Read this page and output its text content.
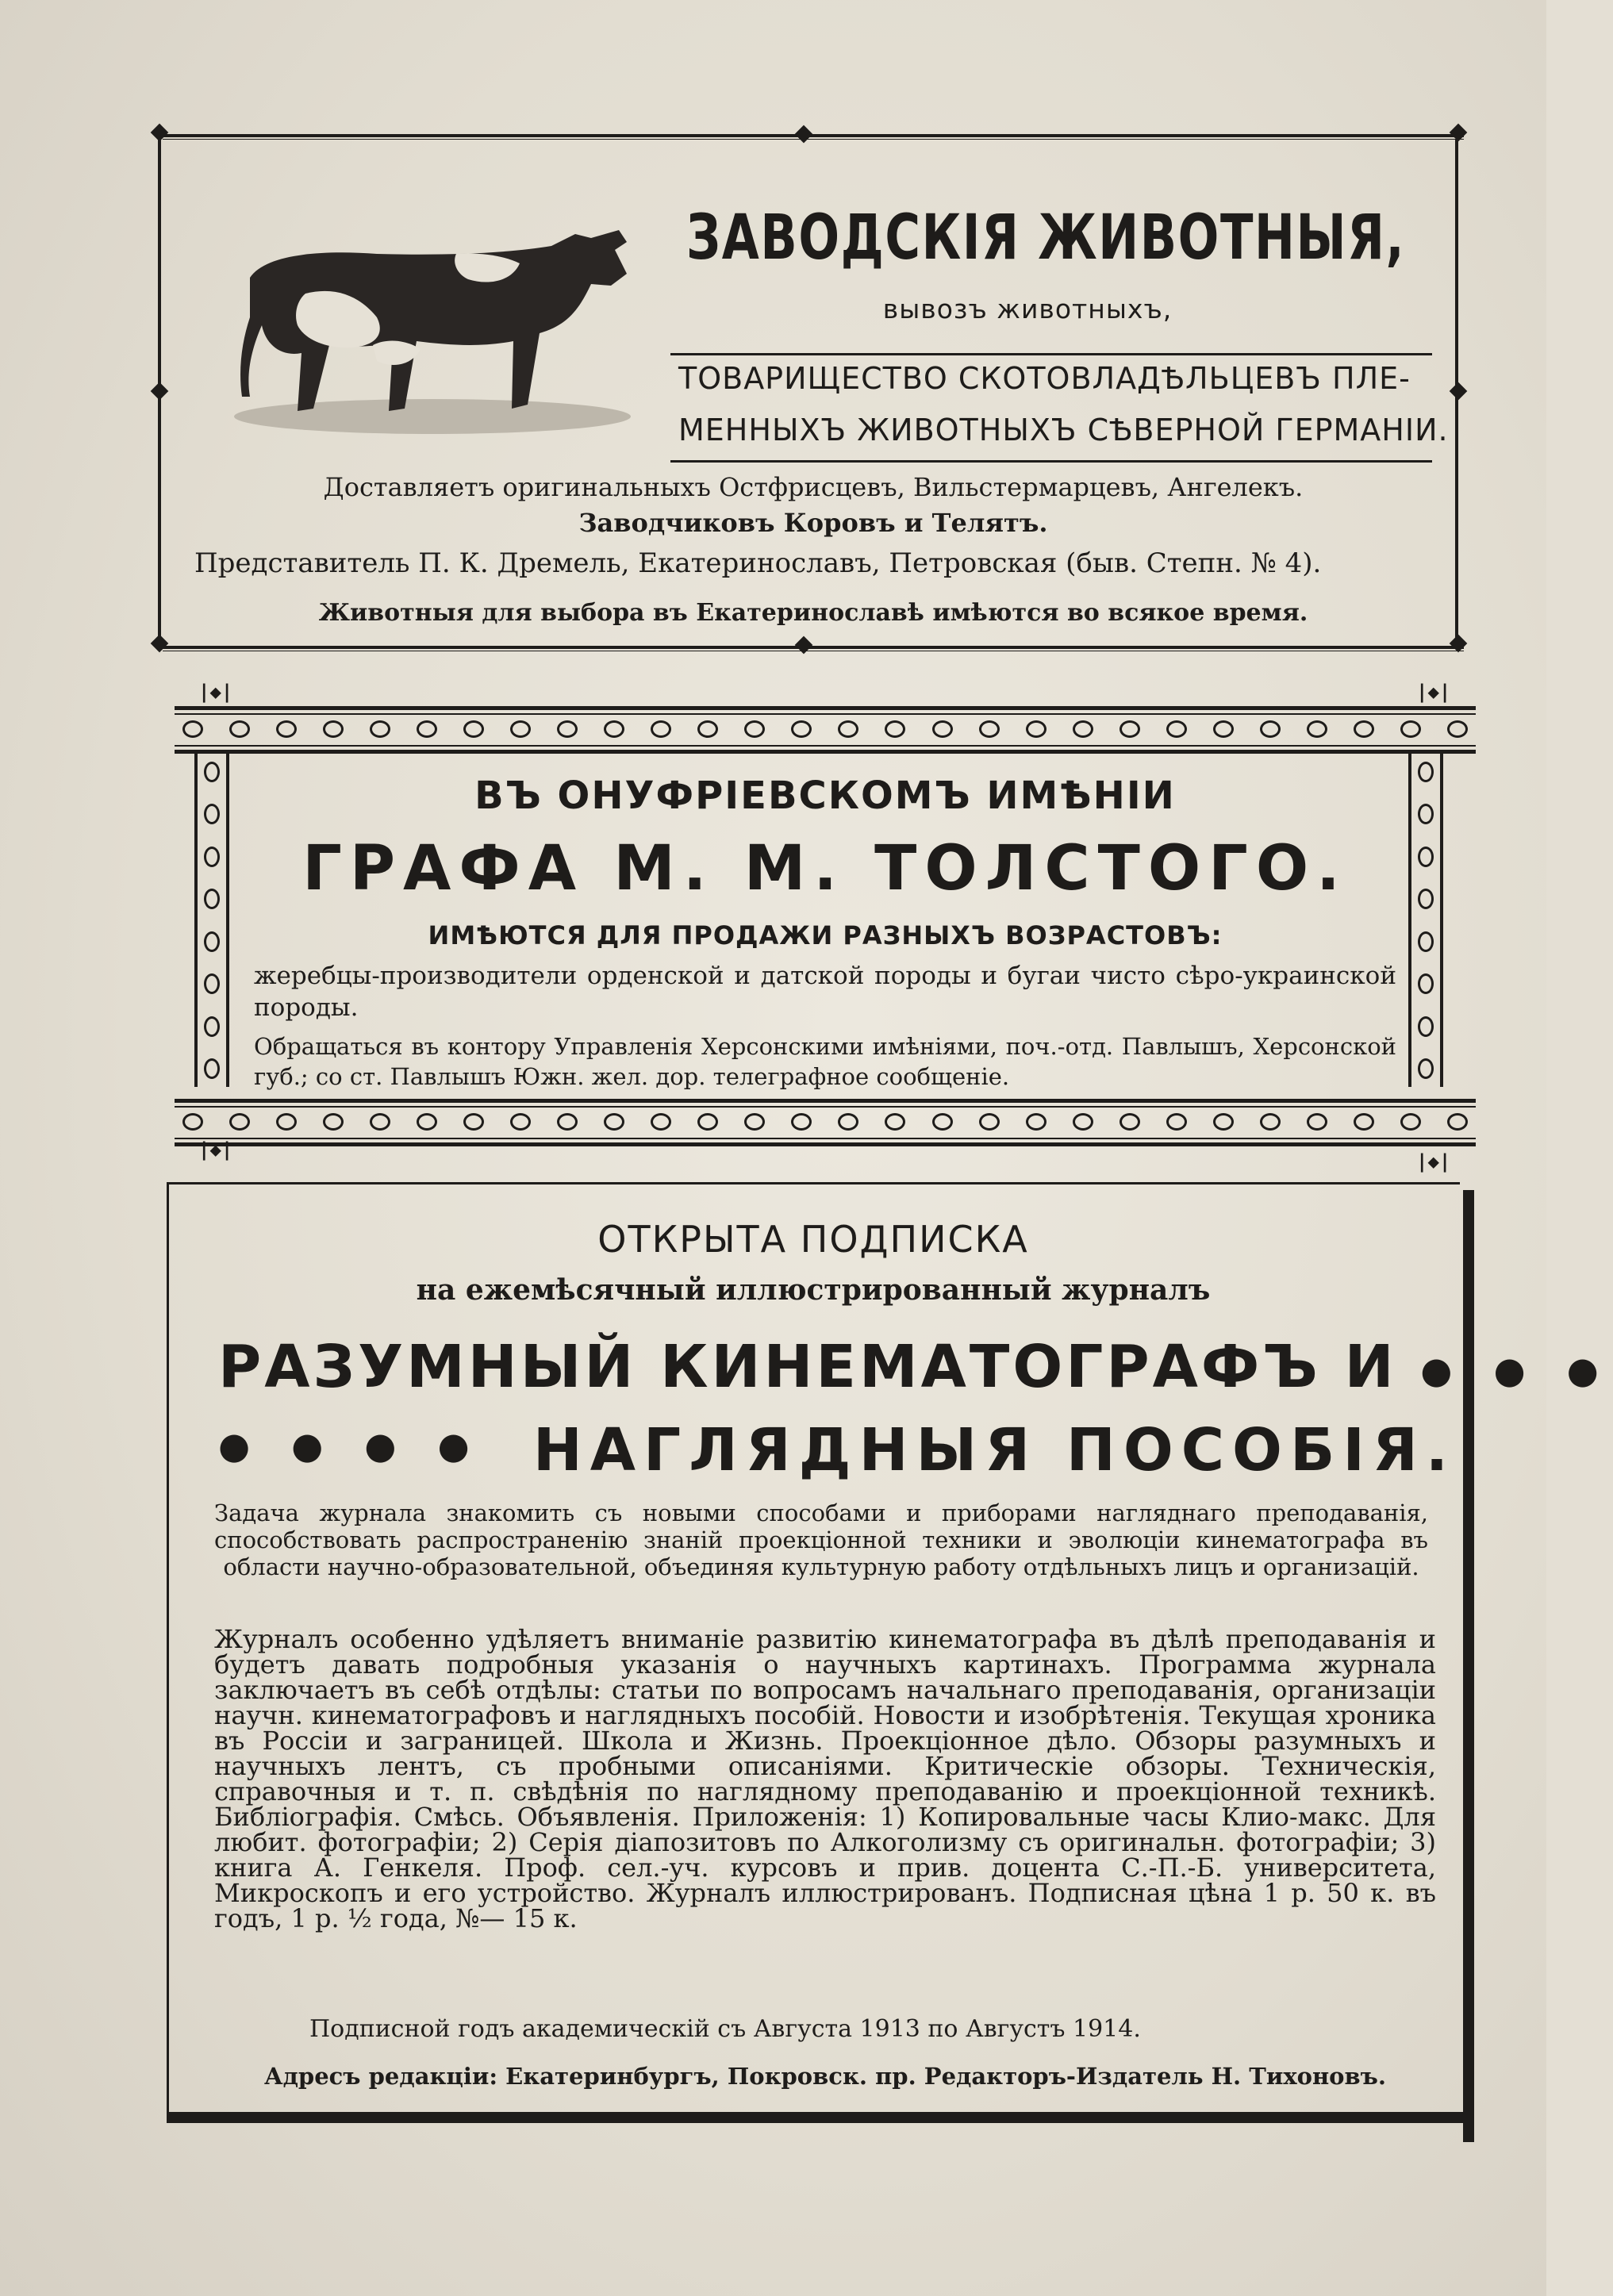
ЗАВОДСКІЯ ЖИВОТНЫЯ,
вывозъ животныхъ,
ТОВАРИЩЕСТВО СКОТОВЛАДѢЛЬЦЕВЪ ПЛЕ-
МЕННЫХЪ ЖИВОТНЫХЪ СѢВЕРНОЙ ГЕРМАНІИ.
Доставляетъ оригинальныхъ Остфрисцевъ, Вильстермарцевъ, Ангелекъ.
Заводчиковъ Коровъ и Телятъ.
Представитель П. К. Дремель, Екатеринославъ, Петровская (быв. Степн. № 4).
Животныя для выбора въ Екатеринославѣ имѣются во всякое время.
|◆|	|◆|
|◆|
|◆|
ВЪ ОНУФРІЕВСКОМЪ ИМѢНІИ
ГРАФА М. М. ТОЛСТОГО.
ИМѢЮТСЯ ДЛЯ ПРОДАЖИ РАЗНЫХЪ ВОЗРАСТОВЪ:
жеребцы-производители орденской и датской породы и бугаи чисто сѣро-украинской породы.
Обращаться въ контору Управленія Херсонскими имѣніями, поч.-отд. Павлышъ, Херсонской губ.; со ст. Павлышъ Южн. жел. дор. телеграфное сообщеніе.
ОТКРЫТА ПОДПИСКА
на ежемѣсячный иллюстрированный журналъ
РАЗУМНЫЙ КИНЕМАТОГРАФЪ И ● ● ●
● ● ● ● НАГЛЯДНЫЯ ПОСОБІЯ.
Задача журнала знакомить съ новыми способами и приборами нагляднаго преподаванія, способствовать распространенію знаній проекціонной техники и эволюціи кинематографа въ области научно-образовательной, объединяя культурную работу отдѣльныхъ лицъ и организацій.
Журналъ особенно удѣляетъ вниманіе развитію кинематографа въ дѣлѣ преподаванія и будетъ давать подробныя указанія о научныхъ картинахъ. Программа журнала заключаетъ въ себѣ отдѣлы: статьи по вопросамъ начальнаго преподаванія, организаціи научн. кинематографовъ и наглядныхъ пособій. Новости и изобрѣтенія. Текущая хроника въ Россіи и заграницей. Школа и Жизнь. Проекціонное дѣло. Обзоры разумныхъ и научныхъ лентъ, съ пробными описаніями. Критическіе обзоры. Техническія, справочныя и т. п. свѣдѣнія по наглядному преподаванію и проекціонной техникѣ. Библіографія. Смѣсь. Объявленія. Приложенія: 1) Копировальные часы Клио-макс. Для любит. фотографіи; 2) Серія діапозитовъ по Алкоголизму съ оригинальн. фотографіи; 3) книга А. Генкеля. Проф. сел.-уч. курсовъ и прив. доцента С.-П.-Б. университета, Микроскопъ и его устройство. Журналъ иллюстрированъ. Подписная цѣна 1 р. 50 к. въ годъ, 1 р. ½ года, №— 15 к.
Подписной годъ академическій съ Августа 1913 по Августъ 1914.
Адресъ редакціи: Екатеринбургъ, Покровск. пр. Редакторъ-Издатель Н. Тихоновъ.
